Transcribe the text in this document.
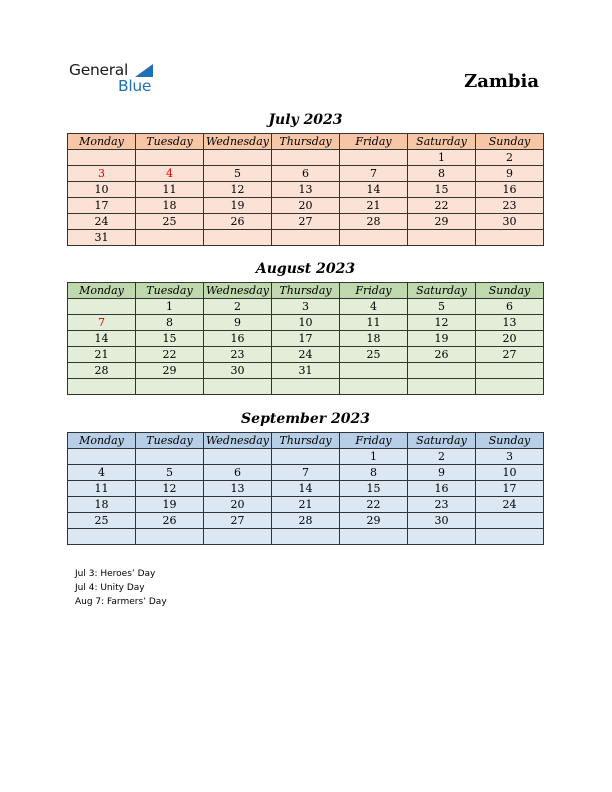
General
Blue	Zambia
July 2023
Monday	Tuesday	Wednesday	Thursday	Friday	Saturday	Sunday
					1	2
3	4	5	6	7	8	9
10	11	12	13	14	15	16
17	18	19	20	21	22	23
24	25	26	27	28	29	30
31						
August 2023
Monday	Tuesday	Wednesday	Thursday	Friday	Saturday	Sunday
	1	2	3	4	5	6
7	8	9	10	11	12	13
14	15	16	17	18	19	20
21	22	23	24	25	26	27
28	29	30	31			

September 2023
Monday	Tuesday	Wednesday	Thursday	Friday	Saturday	Sunday
				1	2	3
4	5	6	7	8	9	10
11	12	13	14	15	16	17
18	19	20	21	22	23	24
25	26	27	28	29	30	

Jul 3: Heroes’ Day
Jul 4: Unity Day
Aug 7: Farmers’ Day
